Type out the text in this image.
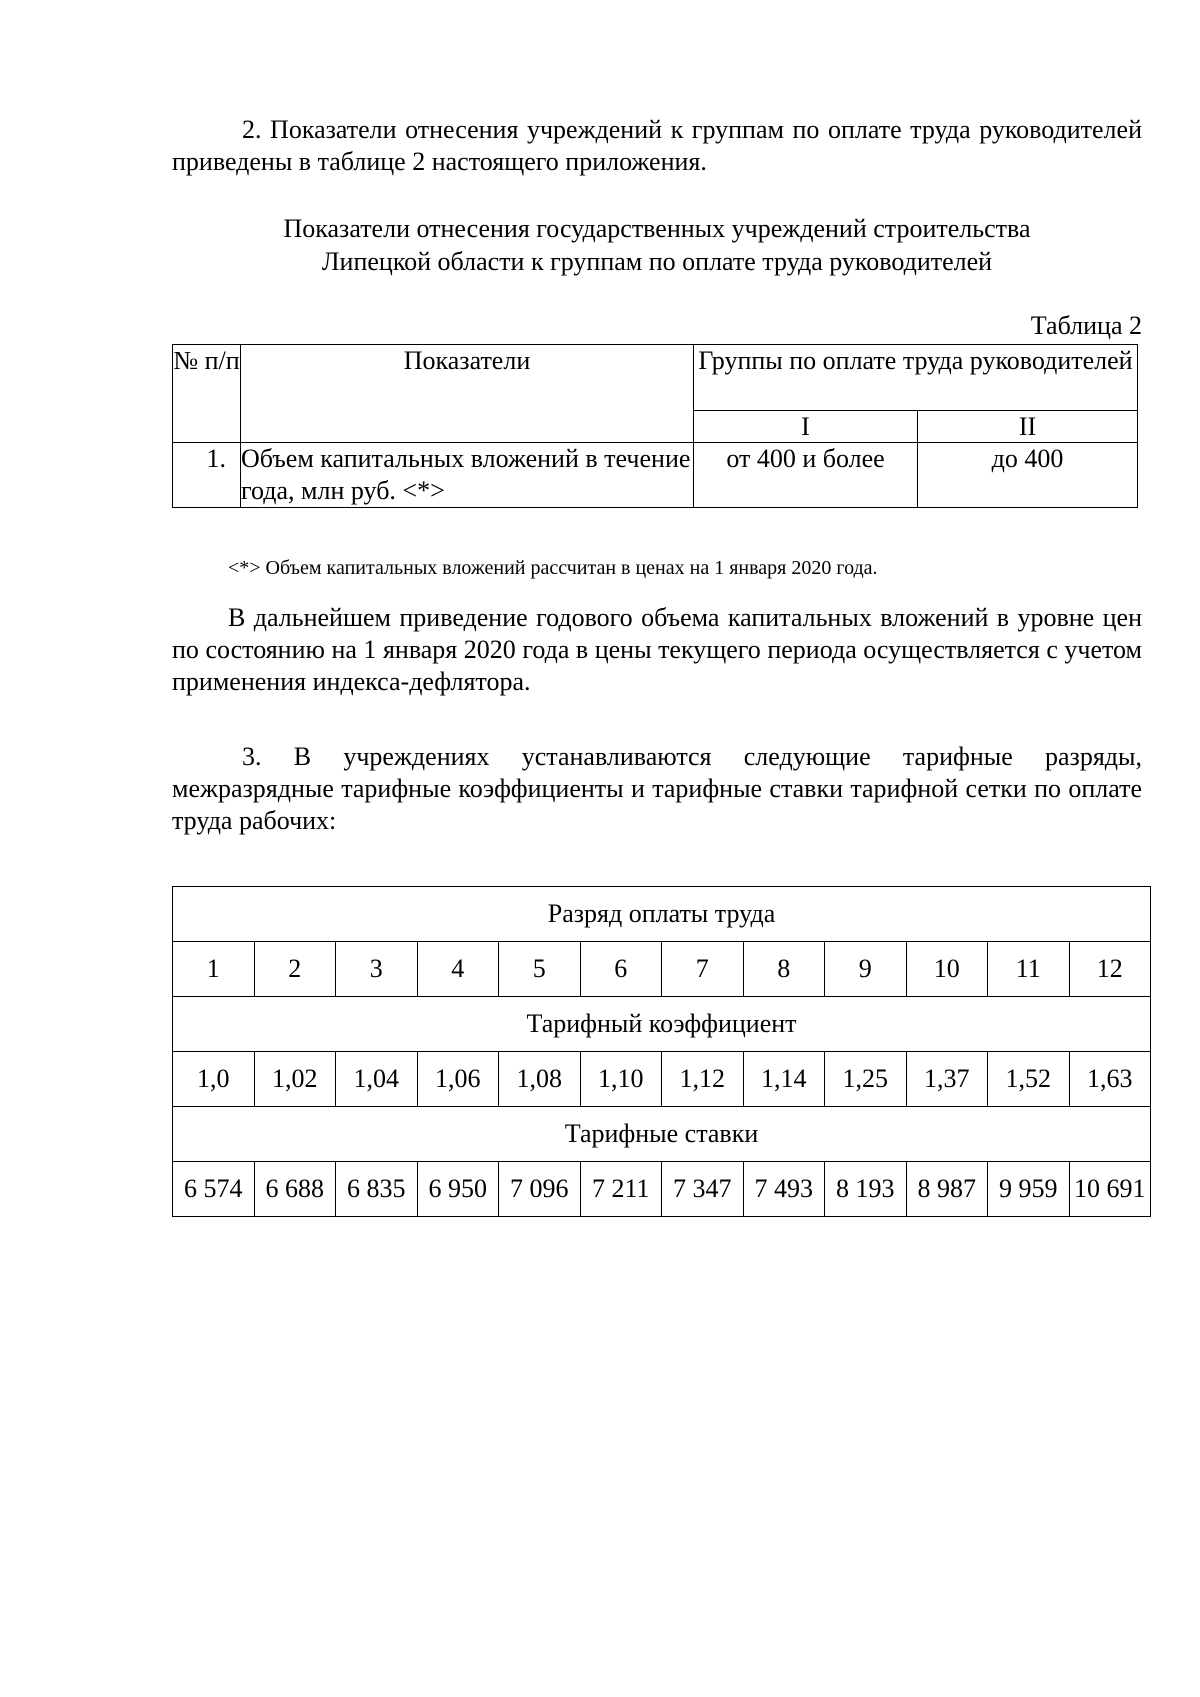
2. Показатели отнесения учреждений к группам по оплате труда руководителей приведены в таблице 2 настоящего приложения.

Показатели отнесения государственных учреждений строительства
Липецкой области к группам по оплате труда руководителей

Таблица 2

№ п/п	Показатели	Группы по оплате труда руководителей	
		I	II
1.	Объем капитальных вложений в течение года, млн руб. <*>	от 400 и более	до 400

<*> Объем капитальных вложений рассчитан в ценах на 1 января 2020 года.

В дальнейшем приведение годового объема капитальных вложений в уровне цен по состоянию на 1 января 2020 года в цены текущего периода осуществляется с учетом применения индекса-дефлятора.

3. В учреждениях устанавливаются следующие тарифные разряды, межразрядные тарифные коэффициенты и тарифные ставки тарифной сетки по оплате труда рабочих:

Разряд оплаты труда											
1	2	3	4	5	6	7	8	9	10	11	12
Тарифный коэффициент											
1,0	1,02	1,04	1,06	1,08	1,10	1,12	1,14	1,25	1,37	1,52	1,63
Тарифные ставки											
6 574	6 688	6 835	6 950	7 096	7 211	7 347	7 493	8 193	8 987	9 959	10 691
